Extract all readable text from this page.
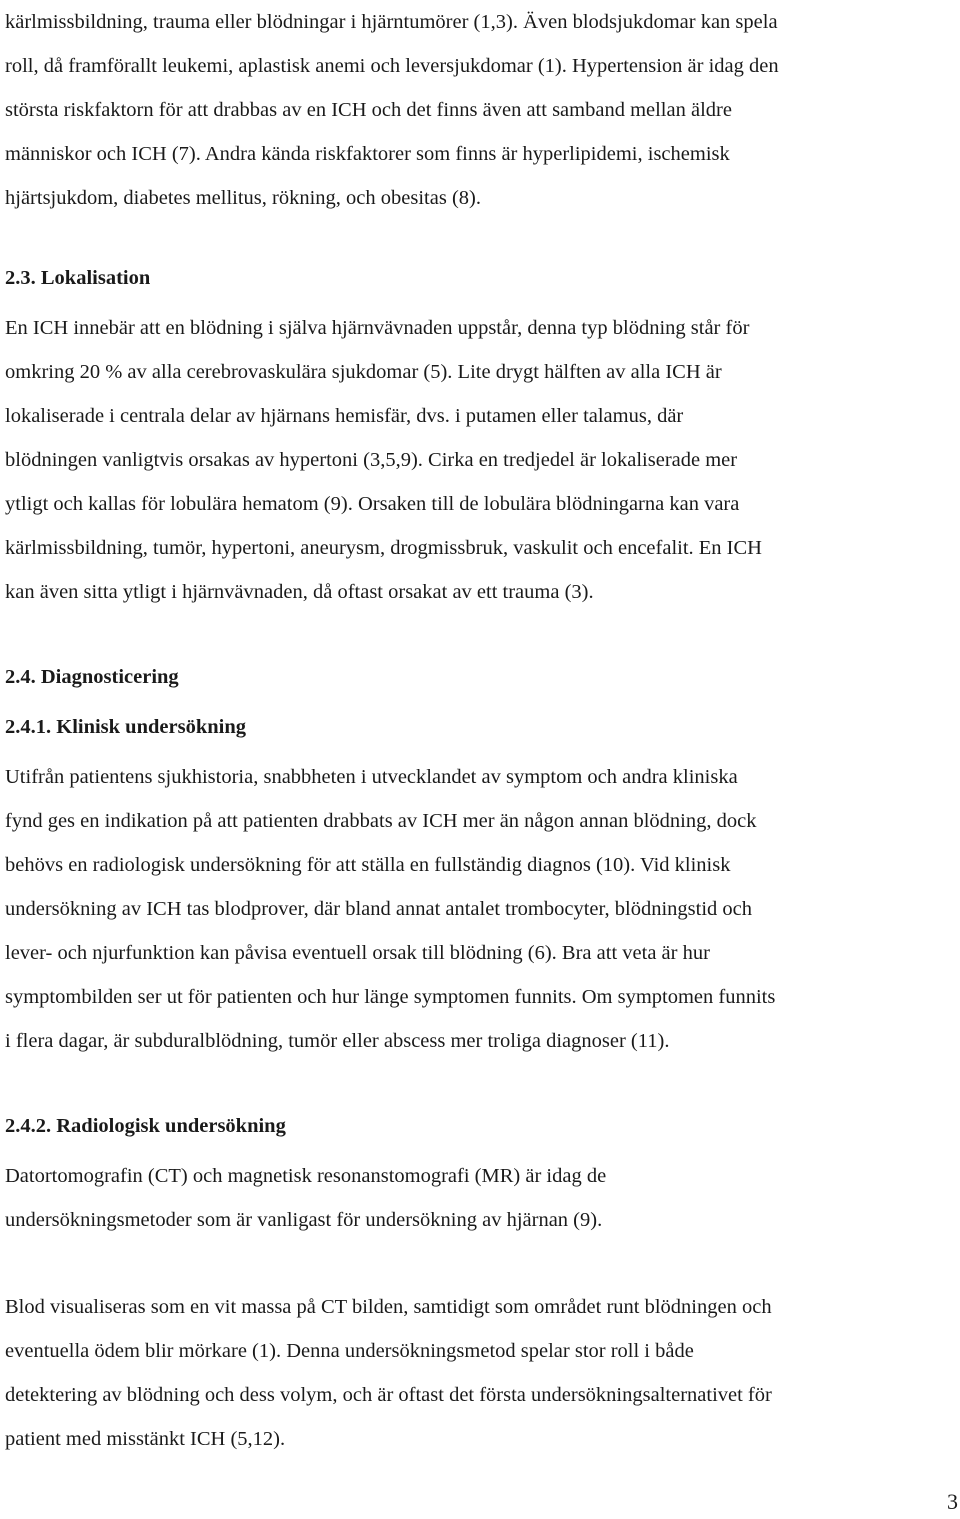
kärlmissbildning, trauma eller blödningar i hjärntumörer (1,3). Även blodsjukdomar kan spela
roll, då framförallt leukemi, aplastisk anemi och leversjukdomar (1). Hypertension är idag den
största riskfaktorn för att drabbas av en ICH och det finns även att samband mellan äldre
människor och ICH (7). Andra kända riskfaktorer som finns är hyperlipidemi, ischemisk
hjärtsjukdom, diabetes mellitus, rökning, och obesitas (8).

2.3. Lokalisation

En ICH innebär att en blödning i själva hjärnvävnaden uppstår, denna typ blödning står för
omkring 20 % av alla cerebrovaskulära sjukdomar (5). Lite drygt hälften av alla ICH är
lokaliserade i centrala delar av hjärnans hemisfär, dvs. i putamen eller talamus, där
blödningen vanligtvis orsakas av hypertoni (3,5,9). Cirka en tredjedel är lokaliserade mer
ytligt och kallas för lobulära hematom (9). Orsaken till de lobulära blödningarna kan vara
kärlmissbildning, tumör, hypertoni, aneurysm, drogmissbruk, vaskulit och encefalit. En ICH
kan även sitta ytligt i hjärnvävnaden, då oftast orsakat av ett trauma (3).

2.4. Diagnosticering
2.4.1. Klinisk undersökning

Utifrån patientens sjukhistoria, snabbheten i utvecklandet av symptom och andra kliniska
fynd ges en indikation på att patienten drabbats av ICH mer än någon annan blödning, dock
behövs en radiologisk undersökning för att ställa en fullständig diagnos (10). Vid klinisk
undersökning av ICH tas blodprover, där bland annat antalet trombocyter, blödningstid och
lever- och njurfunktion kan påvisa eventuell orsak till blödning (6). Bra att veta är hur
symptombilden ser ut för patienten och hur länge symptomen funnits. Om symptomen funnits
i flera dagar, är subduralblödning, tumör eller abscess mer troliga diagnoser (11).

2.4.2. Radiologisk undersökning

Datortomografin (CT) och magnetisk resonanstomografi (MR) är idag de
undersökningsmetoder som är vanligast för undersökning av hjärnan (9).

Blod visualiseras som en vit massa på CT bilden, samtidigt som området runt blödningen och
eventuella ödem blir mörkare (1). Denna undersökningsmetod spelar stor roll i både
detektering av blödning och dess volym, och är oftast det första undersökningsalternativet för
patient med misstänkt ICH (5,12).

3
